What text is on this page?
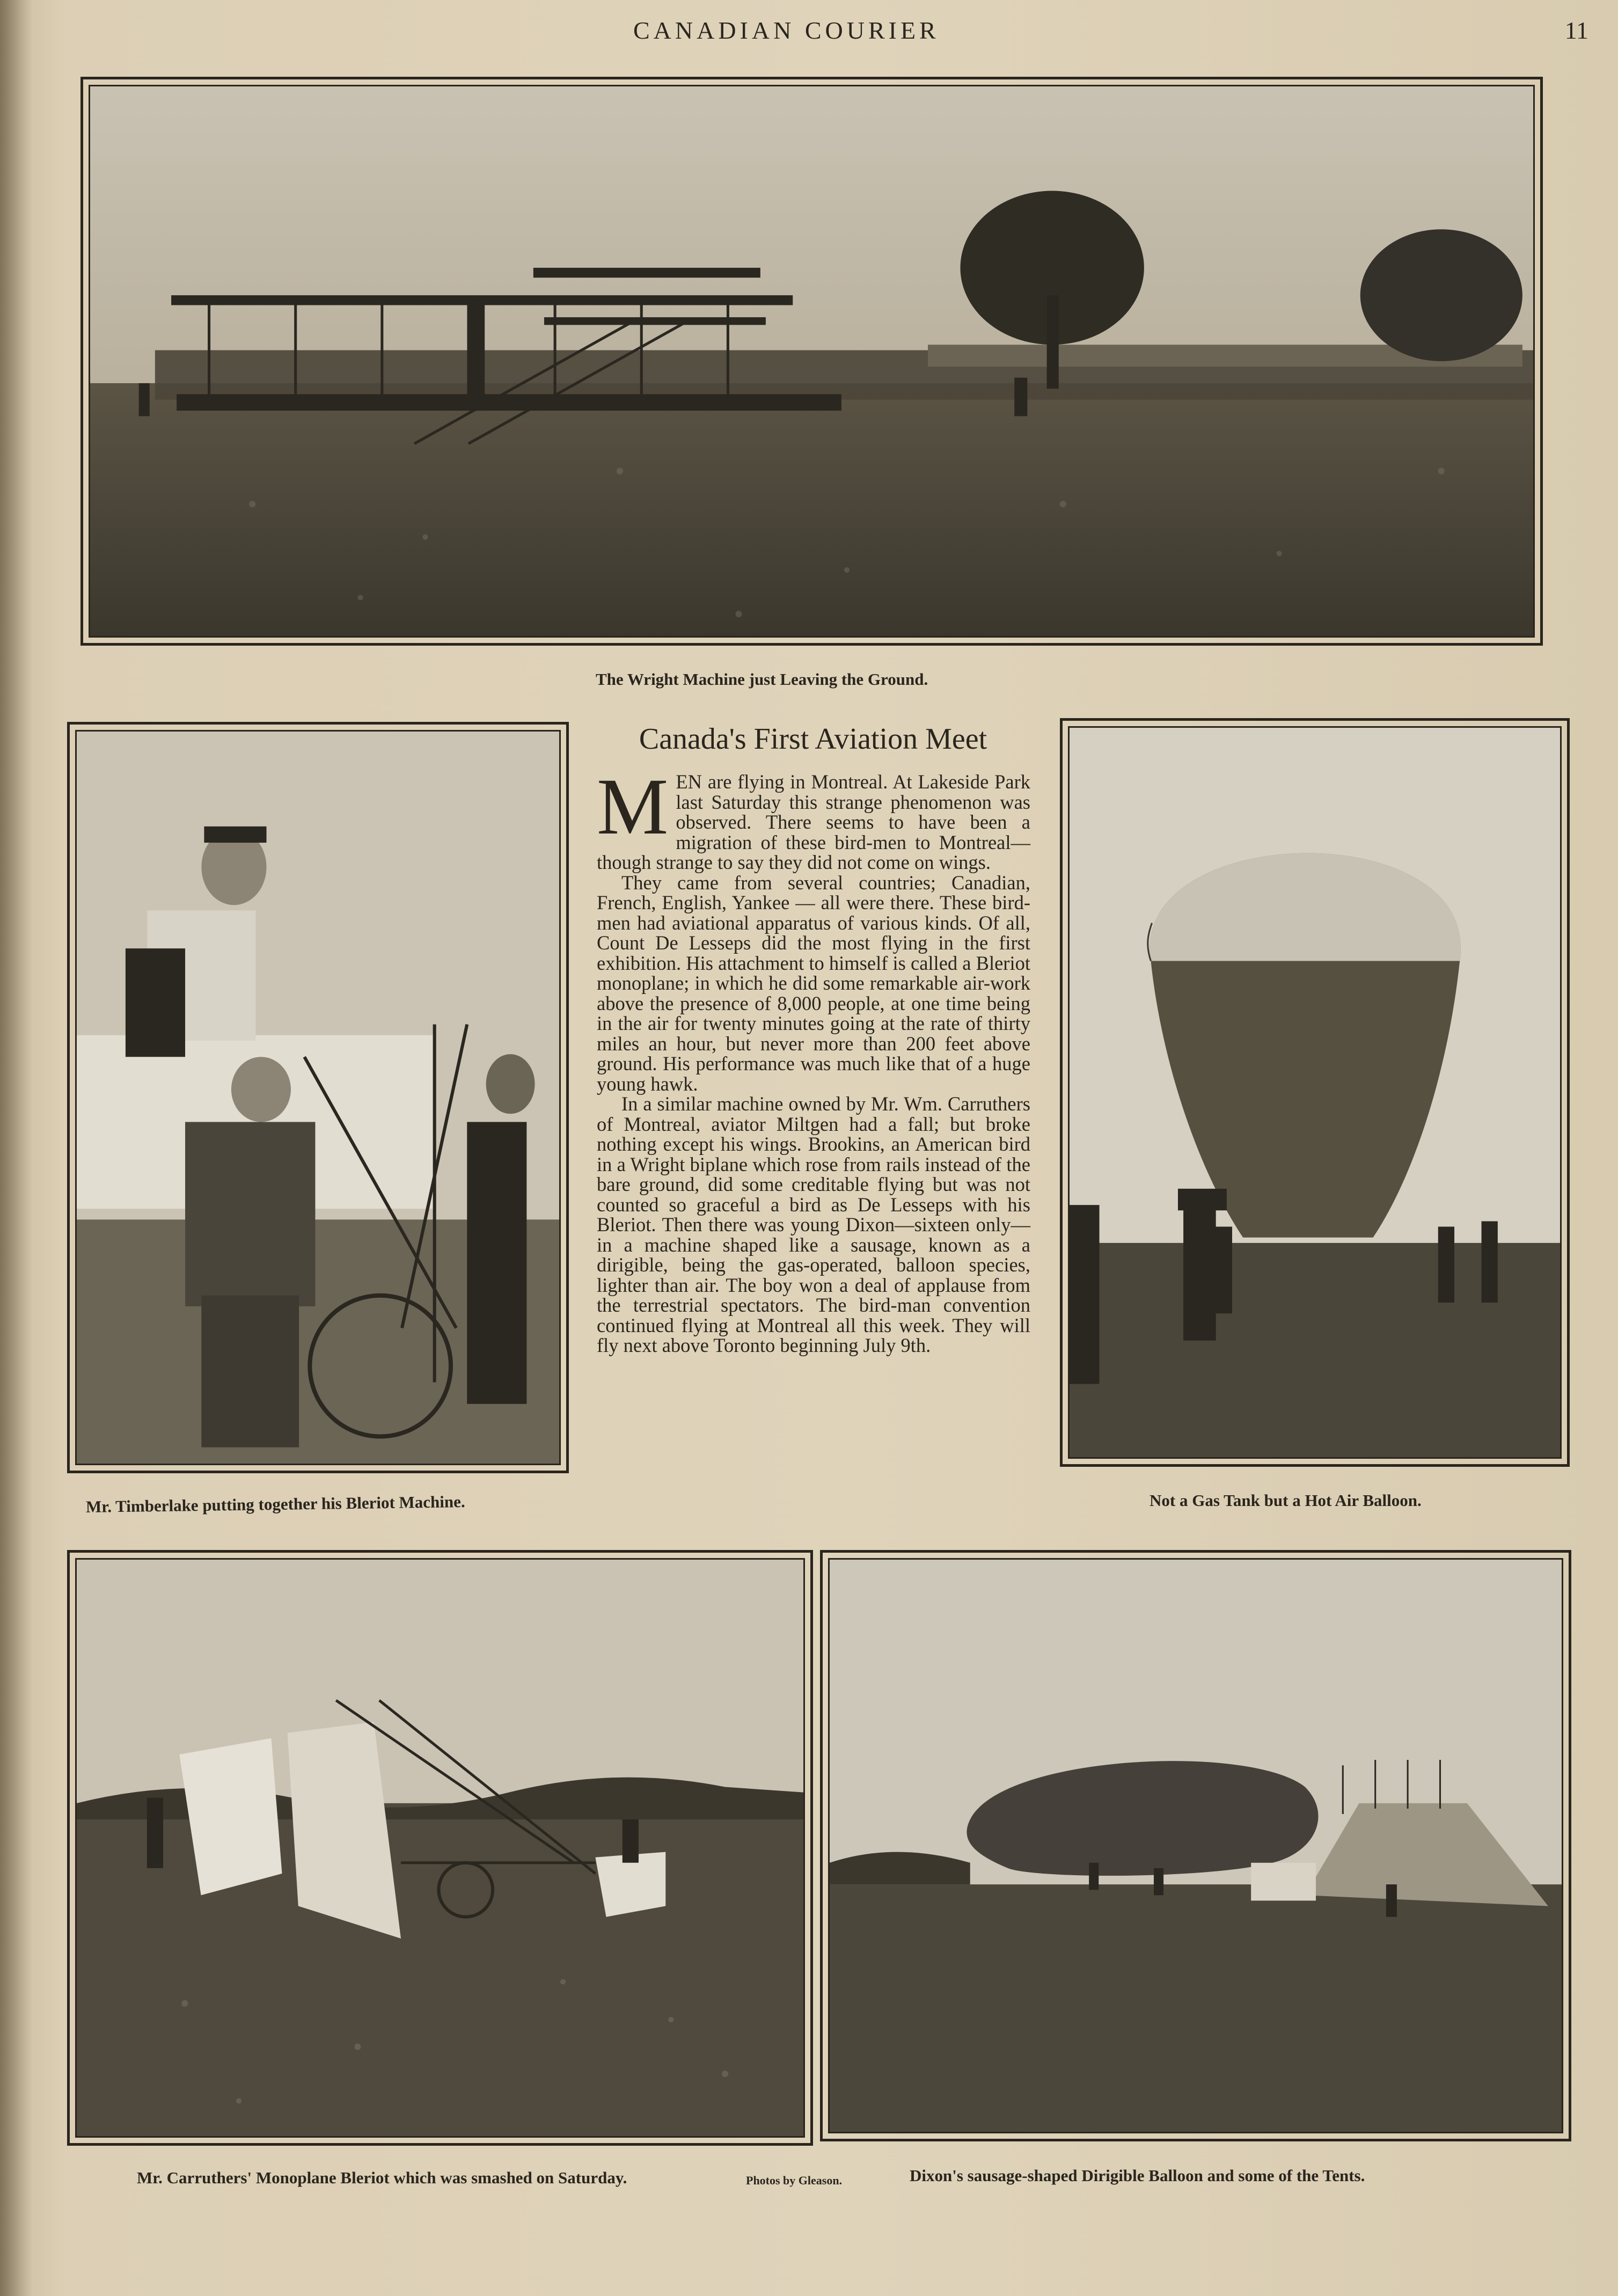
CANADIAN COURIER	11
The Wright Machine just Leaving the Ground.
Mr. Timberlake putting together his Bleriot Machine.
Canada's First Aviation Meet

MEN are flying in Montreal. At Lakeside Park last Saturday this strange phenomenon was observed. There seems to have been a migration of these bird-men to Montreal—though strange to say they did not come on wings.

They came from several countries; Canadian, French, English, Yankee — all were there. These bird-men had aviational apparatus of various kinds. Of all, Count De Lesseps did the most flying in the first exhibition. His attachment to himself is called a Bleriot monoplane; in which he did some remarkable air-work above the presence of 8,000 people, at one time being in the air for twenty minutes going at the rate of thirty miles an hour, but never more than 200 feet above ground. His performance was much like that of a huge young hawk.

In a similar machine owned by Mr. Wm. Carruthers of Montreal, aviator Miltgen had a fall; but broke nothing except his wings. Brookins, an American bird in a Wright biplane which rose from rails instead of the bare ground, did some creditable flying but was not counted so graceful a bird as De Lesseps with his Bleriot. Then there was young Dixon—sixteen only—in a machine shaped like a sausage, known as a dirigible, being the gas-operated, balloon species, lighter than air. The boy won a deal of applause from the terrestrial spectators. The bird-man convention continued flying at Montreal all this week. They will fly next above Toronto beginning July 9th.

Not a Gas Tank but a Hot Air Balloon.
Mr. Carruthers' Monoplane Bleriot which was smashed on Saturday.	Photos by Gleason.	Dixon's sausage-shaped Dirigible Balloon and some of the Tents.
